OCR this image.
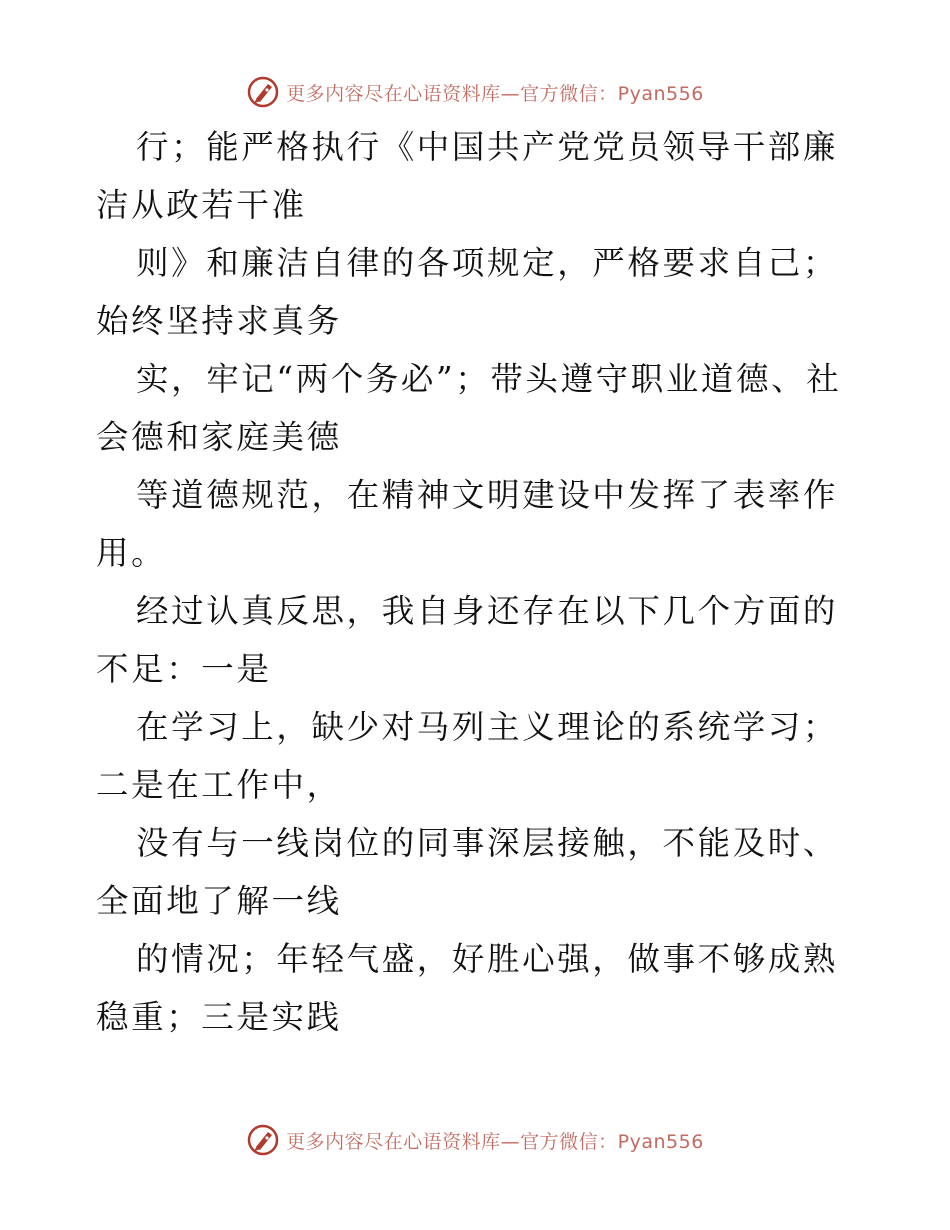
更多内容尽在心语资料库—官方微信：Pyan556

行；能严格执行《中国共产党党员领导干部廉洁从政若干准

则》和廉洁自律的各项规定，严格要求自己；始终坚持求真务

实，牢记“两个务必”；带头遵守职业道德、社会德和家庭美德

等道德规范，在精神文明建设中发挥了表率作用。

经过认真反思，我自身还存在以下几个方面的不足：一是

在学习上，缺少对马列主义理论的系统学习；二是在工作中，

没有与一线岗位的同事深层接触，不能及时、全面地了解一线

的情况；年轻气盛，好胜心强，做事不够成熟稳重；三是实践

更多内容尽在心语资料库—官方微信：Pyan556
